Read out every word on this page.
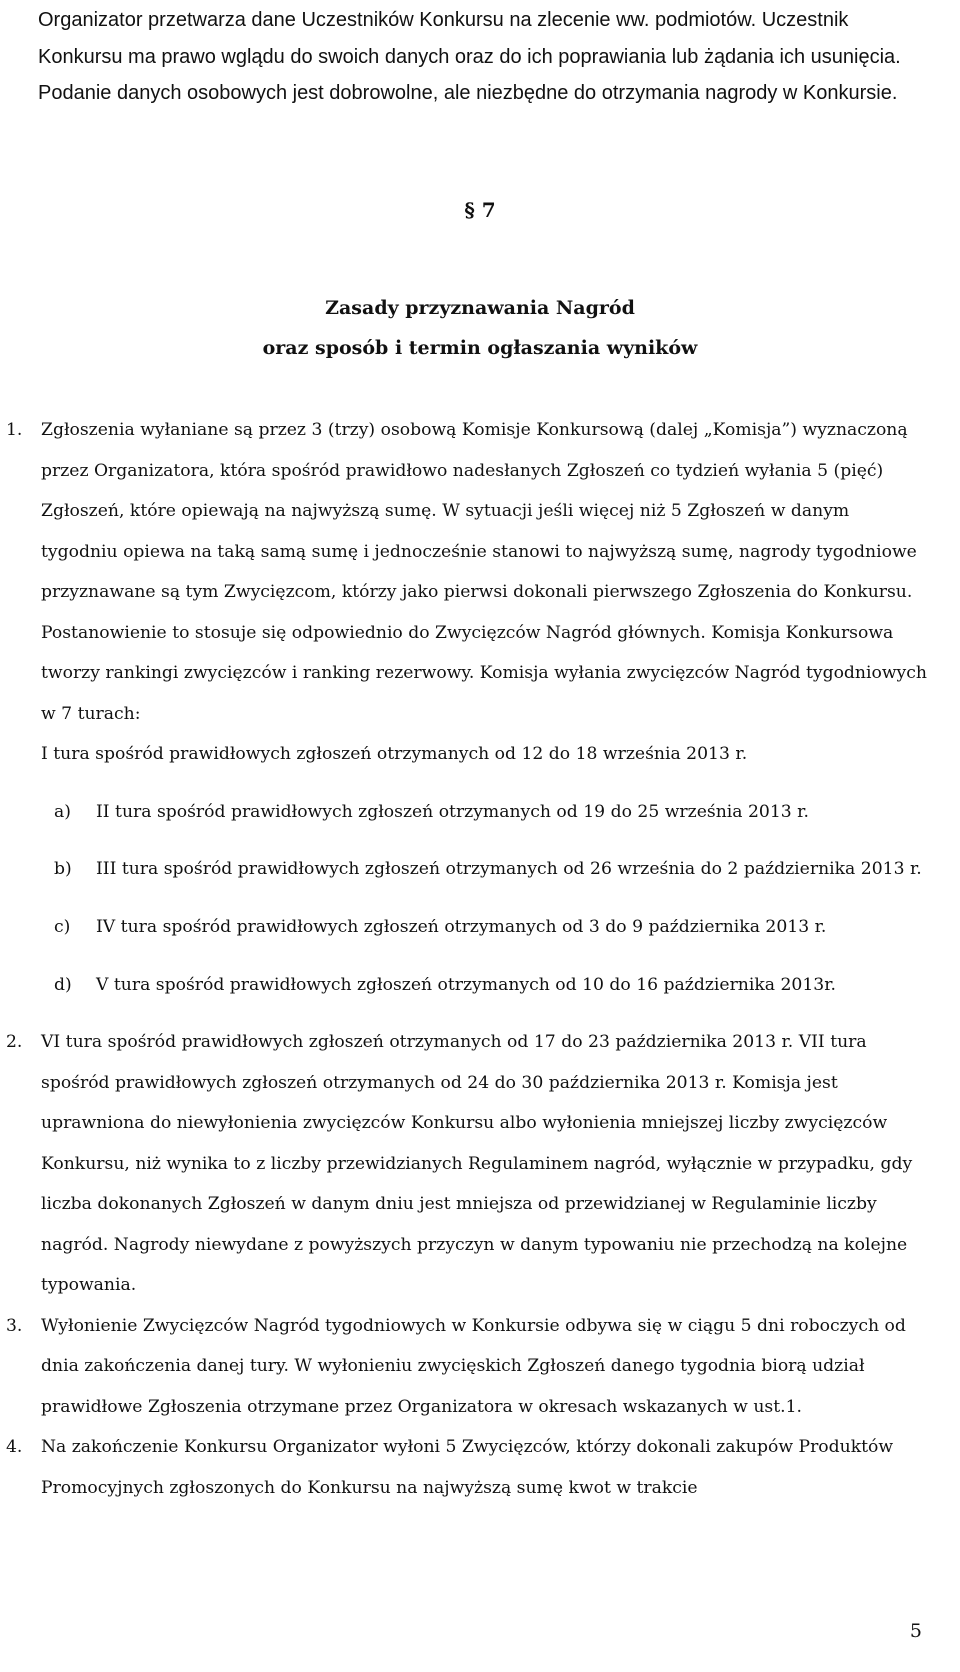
Organizator przetwarza dane Uczestników Konkursu na zlecenie ww. podmiotów. Uczestnik Konkursu ma prawo wglądu do swoich danych oraz do ich poprawiania lub żądania ich usunięcia. Podanie danych osobowych jest dobrowolne, ale niezbędne do otrzymania nagrody w Konkursie.

§ 7
Zasady przyznawania Nagród
oraz sposób i termin ogłaszania wyników
1. Zgłoszenia wyłaniane są przez 3 (trzy) osobową Komisje Konkursową (dalej „Komisja”) wyznaczoną przez Organizatora, która spośród prawidłowo nadesłanych Zgłoszeń co tydzień wyłania 5 (pięć) Zgłoszeń, które opiewają na najwyższą sumę. W sytuacji jeśli więcej niż 5 Zgłoszeń w danym tygodniu opiewa na taką samą sumę i jednocześnie stanowi to najwyższą sumę, nagrody tygodniowe przyznawane są tym Zwycięzcom, którzy jako pierwsi dokonali pierwszego Zgłoszenia do Konkursu. Postanowienie to stosuje się odpowiednio do Zwycięzców Nagród głównych. Komisja Konkursowa tworzy rankingi zwycięzców i ranking rezerwowy. Komisja wyłania zwycięzców Nagród tygodniowych w 7 turach:

I tura spośród prawidłowych zgłoszeń otrzymanych od 12 do 18 września 2013 r.

a) II tura spośród prawidłowych zgłoszeń otrzymanych od 19 do 25 września 2013 r.

b) III tura spośród prawidłowych zgłoszeń otrzymanych od 26 września do 2 października 2013 r.

c) IV tura spośród prawidłowych zgłoszeń otrzymanych od 3 do 9 października 2013 r.

d) V tura spośród prawidłowych zgłoszeń otrzymanych od 10 do 16 października 2013r.

2. VI tura spośród prawidłowych zgłoszeń otrzymanych od 17 do 23 października 2013 r. VII tura spośród prawidłowych zgłoszeń otrzymanych od 24 do 30 października 2013 r. Komisja jest uprawniona do niewyłonienia zwycięzców Konkursu albo wyłonienia mniejszej liczby zwycięzców Konkursu, niż wynika to z liczby przewidzianych Regulaminem nagród, wyłącznie w przypadku, gdy liczba dokonanych Zgłoszeń w danym dniu jest mniejsza od przewidzianej w Regulaminie liczby nagród. Nagrody niewydane z powyższych przyczyn w danym typowaniu nie przechodzą na kolejne typowania.

3. Wyłonienie Zwycięzców Nagród tygodniowych w Konkursie odbywa się w ciągu 5 dni roboczych od dnia zakończenia danej tury. W wyłonieniu zwycięskich Zgłoszeń danego tygodnia biorą udział prawidłowe Zgłoszenia otrzymane przez Organizatora w okresach wskazanych w ust.1.

4. Na zakończenie Konkursu Organizator wyłoni 5 Zwycięzców, którzy dokonali zakupów Produktów Promocyjnych zgłoszonych do Konkursu na najwyższą sumę kwot w trakcie

5
